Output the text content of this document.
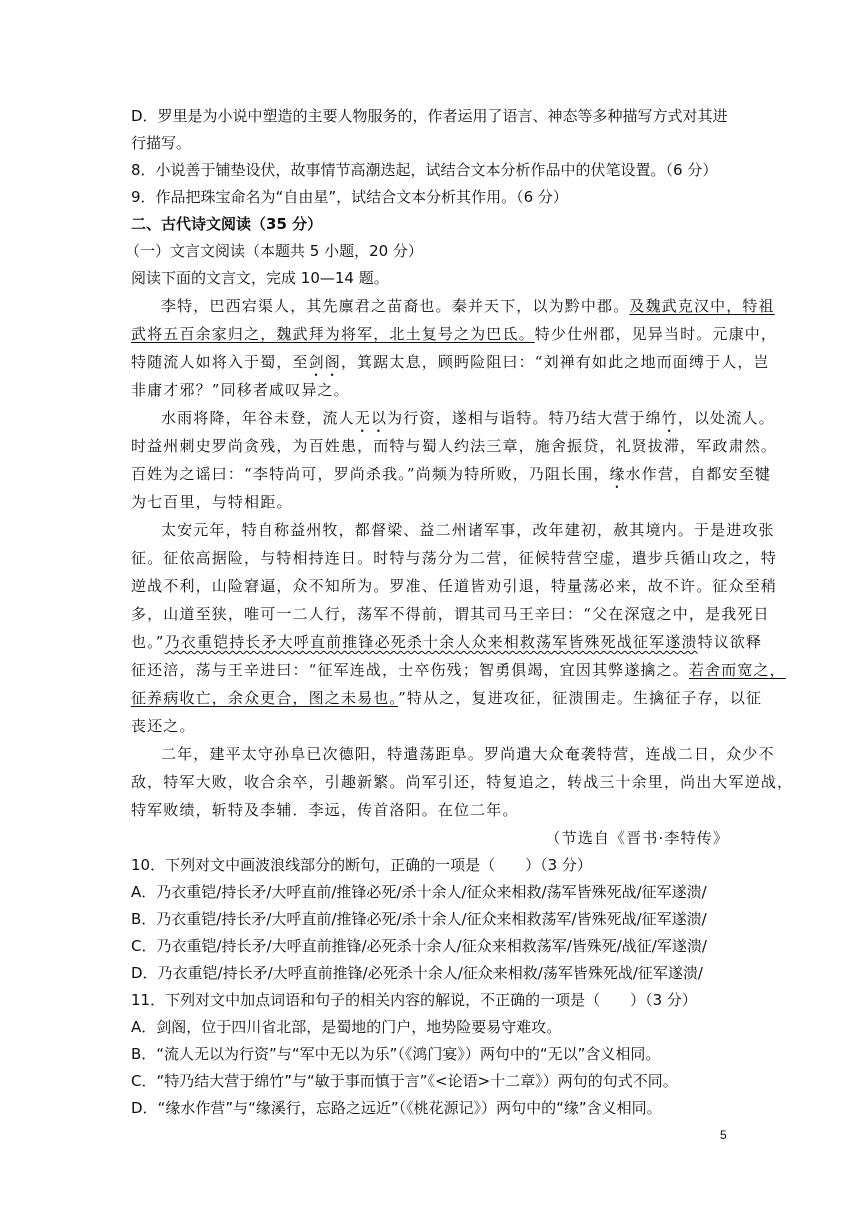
D．罗里是为小说中塑造的主要人物服务的，作者运用了语言、神态等多种描写方式对其进
行描写。
8．小说善于铺垫设伏，故事情节高潮迭起，试结合文本分析作品中的伏笔设置。（6 分）
9．作品把珠宝命名为“自由星”，试结合文本分析其作用。（6 分）
二、古代诗文阅读（35 分）
（一）文言文阅读（本题共 5 小题，20 分）
阅读下面的文言文，完成 10—14 题。
李特，巴西宕渠人，其先廪君之苗裔也。秦并天下，以为黔中郡。及魏武克汉中，特祖
武将五百余家归之，魏武拜为将军，北土复号之为巴氐。特少仕州郡，见异当时。元康中，
特随流人如将入于蜀，至剑阁，箕踞太息，顾眄险阻曰：“刘禅有如此之地而面缚于人，岂
非庸才邪？”同移者咸叹异之。
水雨将降，年谷未登，流人无以为行资，遂相与诣特。特乃结大营于绵竹，以处流人。
时益州刺史罗尚贪残，为百姓患，而特与蜀人约法三章，施舍振贷，礼贤拔滞，军政肃然。
百姓为之谣曰：“李特尚可，罗尚杀我。”尚频为特所败，乃阻长围，缘水作营，自都安至犍
为七百里，与特相距。
太安元年，特自称益州牧，都督梁、益二州诸军事，改年建初，赦其境内。于是进攻张
征。征依高据险，与特相持连日。时特与荡分为二营，征候特营空虚，遣步兵循山攻之，特
逆战不利，山险窘逼，众不知所为。罗准、任道皆劝引退，特量荡必来，故不许。征众至稍
多，山道至狭，唯可一二人行，荡军不得前，谓其司马王辛曰：“父在深寇之中，是我死日
也。”乃衣重铠持长矛大呼直前推锋必死杀十余人众来相救荡军皆殊死战征军遂溃特议欲释
征还涪，荡与王辛进曰：“征军连战，士卒伤残；智勇俱竭，宜因其弊遂擒之。若舍而宽之，
征养病收亡，余众更合，图之未易也。”特从之，复进攻征，征溃围走。生擒征子存，以征
丧还之。
二年，建平太守孙阜已次德阳，特遣荡距阜。罗尚遣大众奄袭特营，连战二日，众少不
敌，特军大败，收合余卒，引趣新繁。尚军引还，特复追之，转战三十余里，尚出大军逆战，
特军败绩，斩特及李辅．李远，传首洛阳。在位二年。
（节选自《晋书·李特传》
10．下列对文中画波浪线部分的断句，正确的一项是（　　）（3 分）
A．乃衣重铠/持长矛/大呼直前/推锋必死/杀十余人/征众来相救/荡军皆殊死战/征军遂溃/
B．乃衣重铠/持长矛/大呼直前/推锋必死/杀十余人/征众来相救荡军/皆殊死战/征军遂溃/
C．乃衣重铠/持长矛/大呼直前推锋/必死杀十余人/征众来相救荡军/皆殊死/战征/军遂溃/
D．乃衣重铠/持长矛/大呼直前推锋/必死杀十余人/征众来相救/荡军皆殊死战/征军遂溃/
11．下列对文中加点词语和句子的相关内容的解说，不正确的一项是（　　）（3 分）
A．剑阁，位于四川省北部，是蜀地的门户，地势险要易守难攻。
B．“流人无以为行资”与“军中无以为乐”（《鸿门宴》）两句中的“无以”含义相同。
C．“特乃结大营于绵竹”与“敏于事而慎于言”《<论语>十二章》）两句的句式不同。
D．“缘水作营”与“缘溪行，忘路之远近”（《桃花源记》）两句中的“缘”含义相同。
5
